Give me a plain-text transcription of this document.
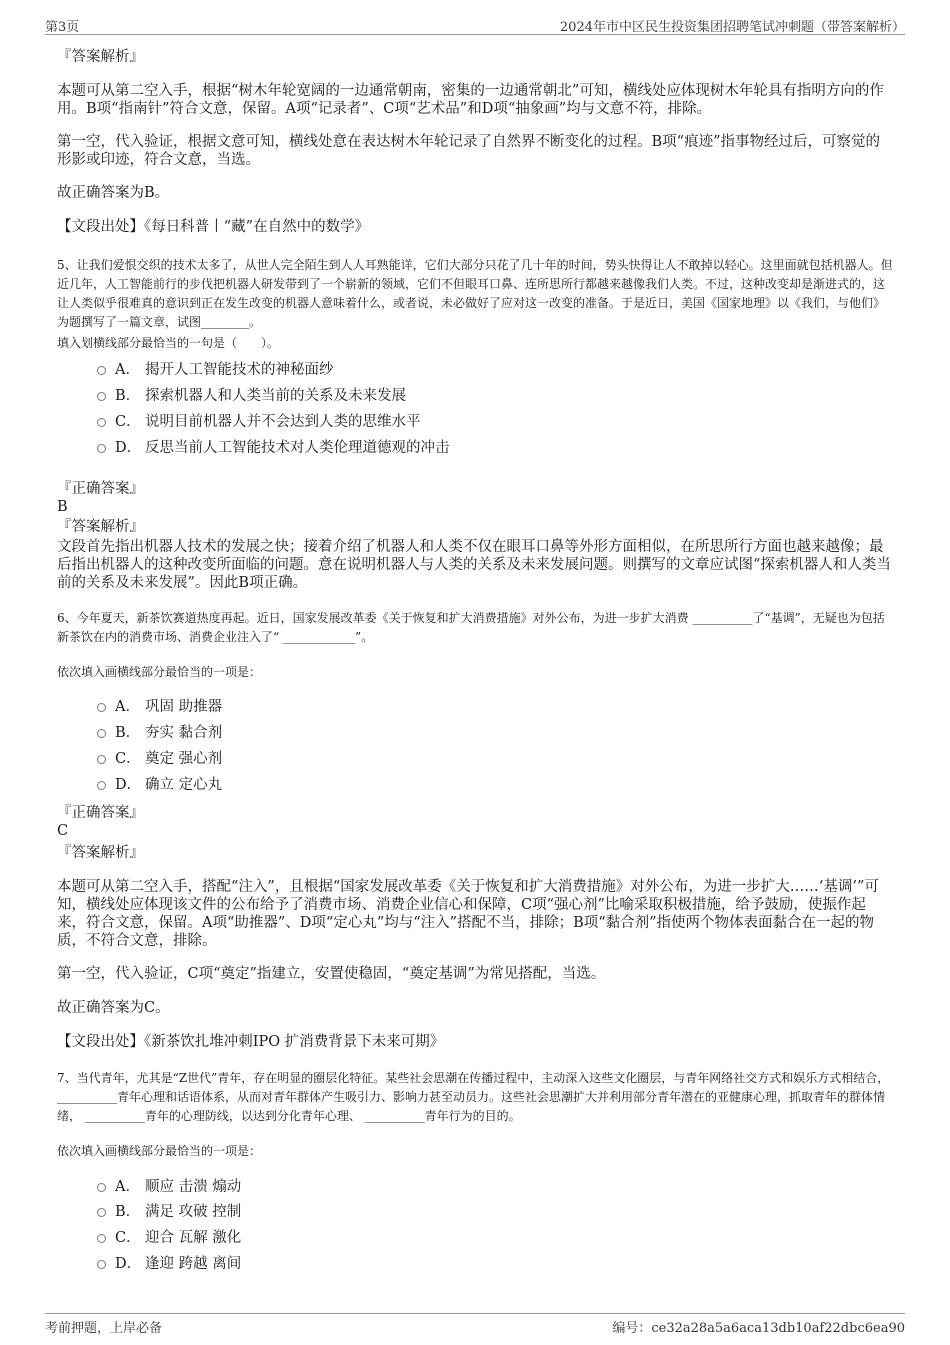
第3页	2024年市中区民生投资集团招聘笔试冲刺题（带答案解析）
『答案解析』
本题可从第二空入手，根据“树木年轮宽阔的一边通常朝南，密集的一边通常朝北”可知，横线处应体现树木年轮具有指明方向的作用。B项“指南针”符合文意，保留。A项“记录者”、C项“艺术品”和D项“抽象画”均与文意不符，排除。
第一空，代入验证，根据文意可知，横线处意在表达树木年轮记录了自然界不断变化的过程。B项“痕迹”指事物经过后，可察觉的形影或印迹，符合文意，当选。
故正确答案为B。
【文段出处】《每日科普丨“藏”在自然中的数学》
5、让我们爱恨交织的技术太多了，从世人完全陌生到人人耳熟能详，它们大部分只花了几十年的时间，势头快得让人不敢掉以轻心。这里面就包括机器人。但近几年，人工智能前行的步伐把机器人研发带到了一个崭新的领域，它们不但眼耳口鼻、连所思所行都越来越像我们人类。不过，这种改变却是渐进式的，这让人类似乎很难真的意识到正在发生改变的机器人意味着什么，或者说，未必做好了应对这一改变的准备。于是近日，美国《国家地理》以《我们，与他们》为题撰写了一篇文章，试图________。
填入划横线部分最恰当的一句是（　　）。
A． 揭开人工智能技术的神秘面纱
B． 探索机器人和人类当前的关系及未来发展
C． 说明目前机器人并不会达到人类的思维水平
D． 反思当前人工智能技术对人类伦理道德观的冲击
『正确答案』
B
『答案解析』
文段首先指出机器人技术的发展之快；接着介绍了机器人和人类不仅在眼耳口鼻等外形方面相似，在所思所行方面也越来越像；最后指出机器人的这种改变所面临的问题。意在说明机器人与人类的关系及未来发展问题。则撰写的文章应试图“探索机器人和人类当前的关系及未来发展”。因此B项正确。
6、今年夏天，新茶饮赛道热度再起。近日，国家发展改革委《关于恢复和扩大消费措施》对外公布，为进一步扩大消费 __________了“基调”，无疑也为包括新茶饮在内的消费市场、消费企业注入了“ ____________”。
依次填入画横线部分最恰当的一项是：
A． 巩固 助推器
B． 夯实 黏合剂
C． 奠定 强心剂
D． 确立 定心丸
『正确答案』
C
『答案解析』
本题可从第二空入手，搭配“注入”，且根据“国家发展改革委《关于恢复和扩大消费措施》对外公布，为进一步扩大……‘基调’”可知，横线处应体现该文件的公布给予了消费市场、消费企业信心和保障，C项“强心剂”比喻采取积极措施，给予鼓励，使振作起来，符合文意，保留。A项“助推器”、D项“定心丸”均与“注入”搭配不当，排除；B项“黏合剂”指使两个物体表面黏合在一起的物质，不符合文意，排除。
第一空，代入验证，C项“奠定”指建立，安置使稳固，“奠定基调”为常见搭配，当选。
故正确答案为C。
【文段出处】《新茶饮扎堆冲刺IPO 扩消费背景下未来可期》
7、当代青年，尤其是“Z世代”青年，存在明显的圈层化特征。某些社会思潮在传播过程中，主动深入这些文化圈层，与青年网络社交方式和娱乐方式相结合， __________青年心理和话语体系，从而对青年群体产生吸引力、影响力甚至动员力。这些社会思潮扩大并利用部分青年潜在的亚健康心理，抓取青年的群体情绪， __________青年的心理防线，以达到分化青年心理、 __________青年行为的目的。
依次填入画横线部分最恰当的一项是：
A． 顺应 击溃 煽动
B． 满足 攻破 控制
C． 迎合 瓦解 激化
D． 逢迎 跨越 离间
考前押题，上岸必备	编号：ce32a28a5a6aca13db10af22dbc6ea90
